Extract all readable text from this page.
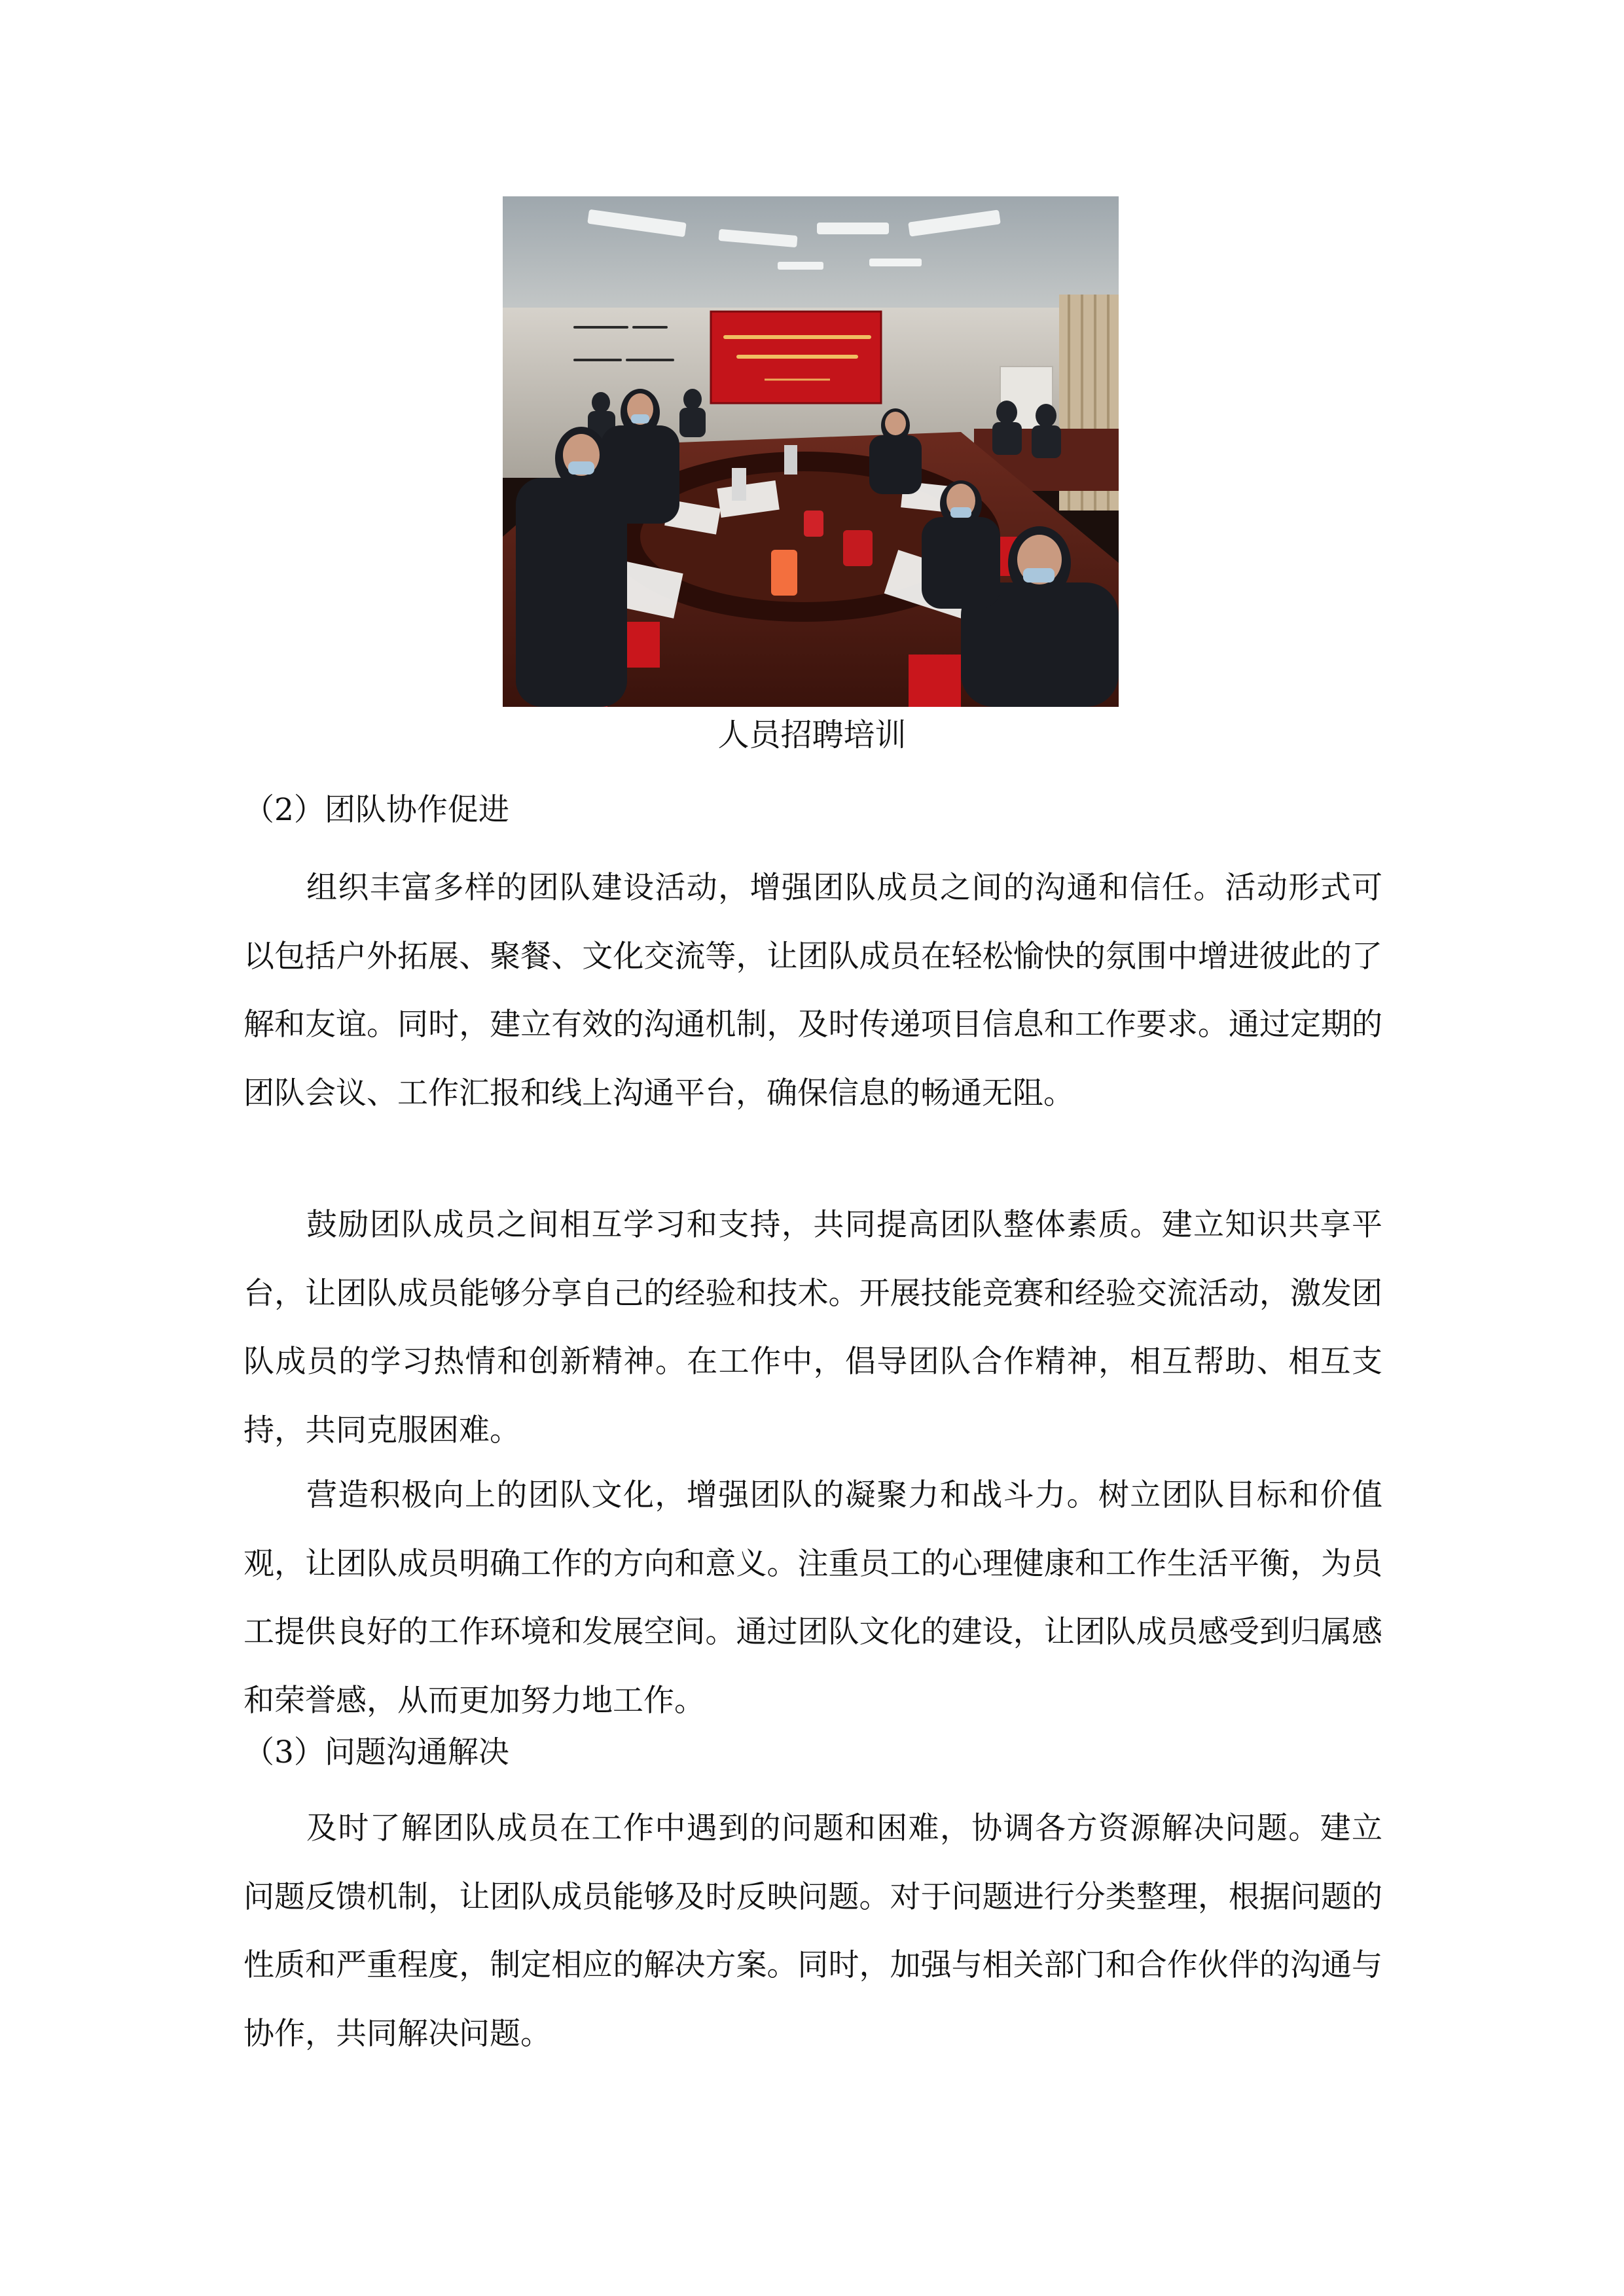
人员招聘培训
（2）团队协作促进

组织丰富多样的团队建设活动，增强团队成员之间的沟通和信任。活动形式可以包括户外拓展、聚餐、文化交流等，让团队成员在轻松愉快的氛围中增进彼此的了解和友谊。同时，建立有效的沟通机制，及时传递项目信息和工作要求。通过定期的团队会议、工作汇报和线上沟通平台，确保信息的畅通无阻。

鼓励团队成员之间相互学习和支持，共同提高团队整体素质。建立知识共享平台，让团队成员能够分享自己的经验和技术。开展技能竞赛和经验交流活动，激发团队成员的学习热情和创新精神。在工作中，倡导团队合作精神，相互帮助、相互支持，共同克服困难。

营造积极向上的团队文化，增强团队的凝聚力和战斗力。树立团队目标和价值观，让团队成员明确工作的方向和意义。注重员工的心理健康和工作生活平衡，为员工提供良好的工作环境和发展空间。通过团队文化的建设，让团队成员感受到归属感和荣誉感，从而更加努力地工作。

（3）问题沟通解决

及时了解团队成员在工作中遇到的问题和困难，协调各方资源解决问题。建立问题反馈机制，让团队成员能够及时反映问题。对于问题进行分类整理，根据问题的性质和严重程度，制定相应的解决方案。同时，加强与相关部门和合作伙伴的沟通与协作，共同解决问题。
